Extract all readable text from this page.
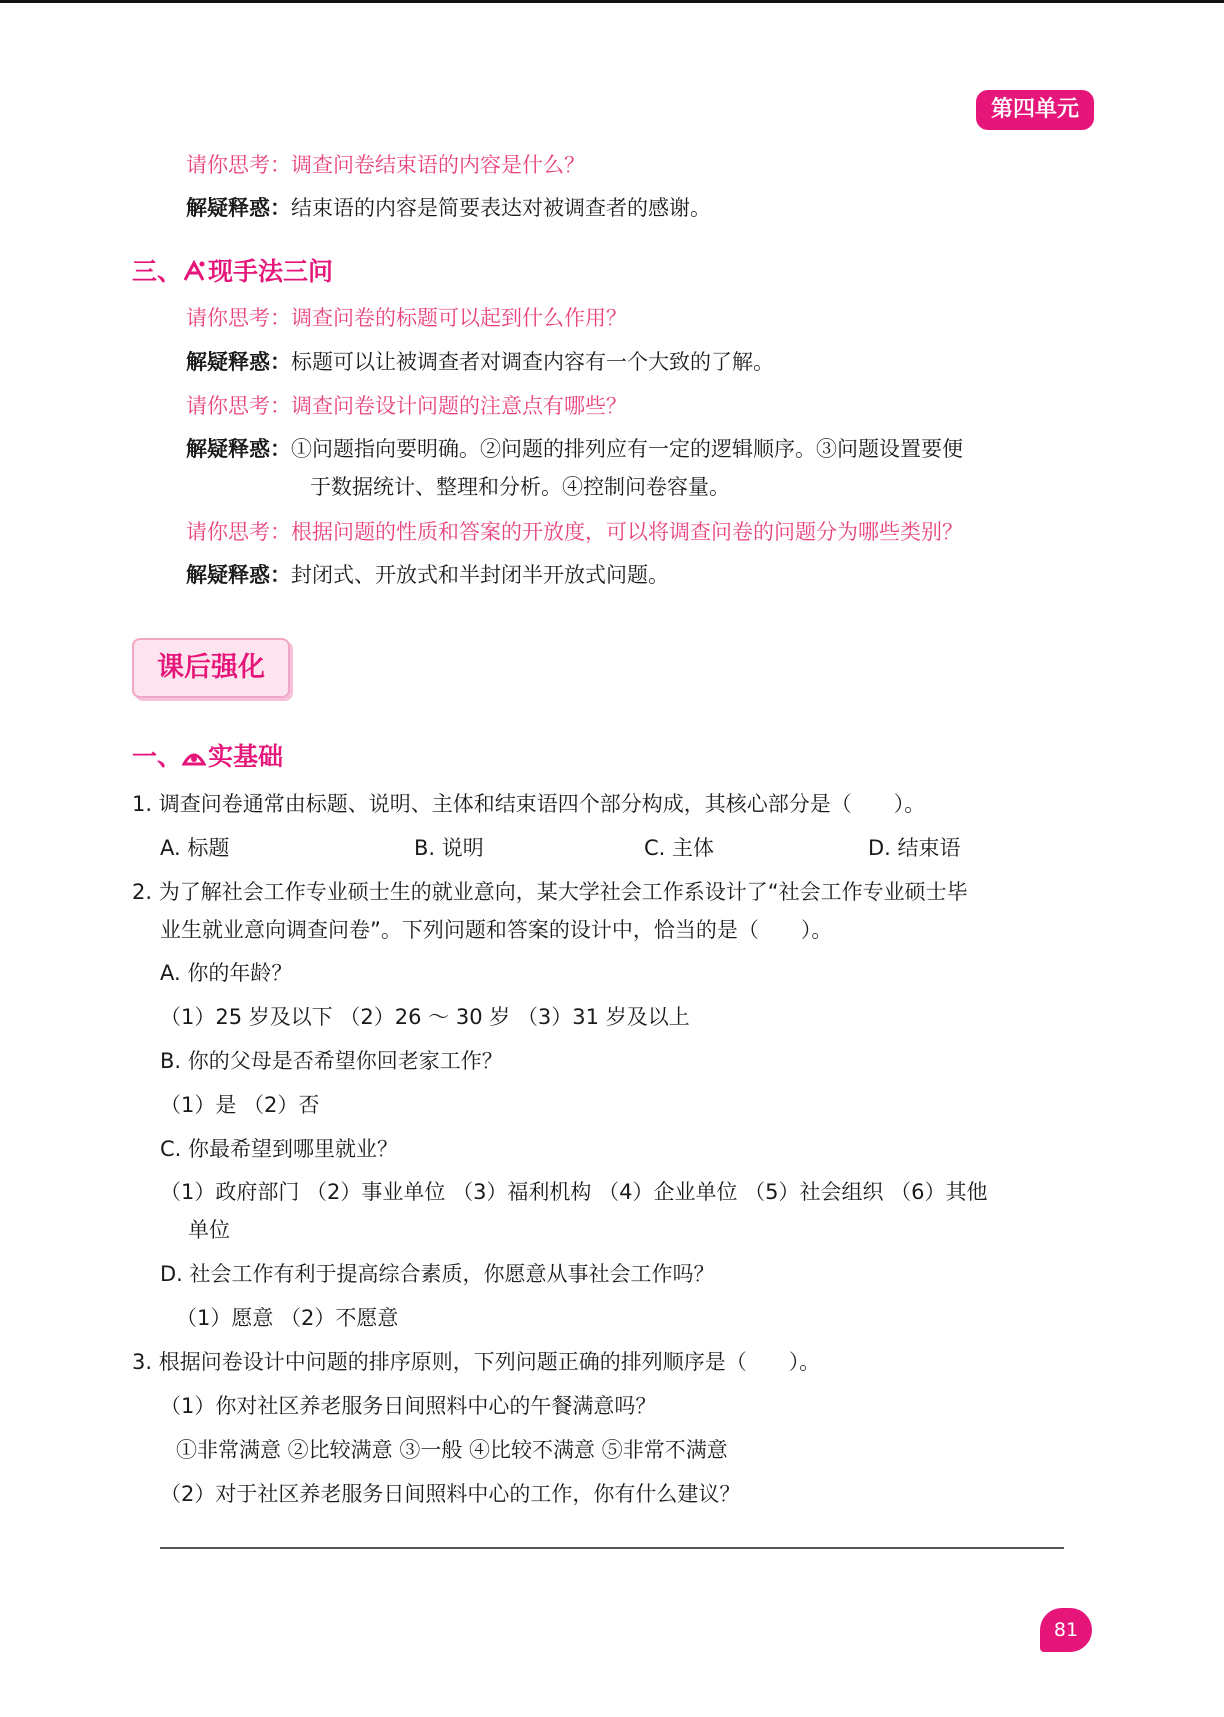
第四单元
请你思考：调查问卷结束语的内容是什么？
解疑释惑：结束语的内容是简要表达对被调查者的感谢。
三、 现手法三问
请你思考：调查问卷的标题可以起到什么作用？
解疑释惑：标题可以让被调查者对调查内容有一个大致的了解。
请你思考：调查问卷设计问题的注意点有哪些？
解疑释惑：①问题指向要明确。②问题的排列应有一定的逻辑顺序。③问题设置要便
于数据统计、整理和分析。④控制问卷容量。
请你思考：根据问题的性质和答案的开放度，可以将调查问卷的问题分为哪些类别？
解疑释惑：封闭式、开放式和半封闭半开放式问题。
课后强化
一、 实基础
1. 调查问卷通常由标题、说明、主体和结束语四个部分构成，其核心部分是（　　）。
A. 标题	B. 说明	C. 主体	D. 结束语
2. 为了解社会工作专业硕士生的就业意向，某大学社会工作系设计了“社会工作专业硕士毕
业生就业意向调查问卷”。下列问题和答案的设计中，恰当的是（　　）。
A. 你的年龄？
（1）25 岁及以下 （2）26 ～ 30 岁 （3）31 岁及以上
B. 你的父母是否希望你回老家工作？
（1）是 （2）否
C. 你最希望到哪里就业？
（1）政府部门 （2）事业单位 （3）福利机构 （4）企业单位 （5）社会组织 （6）其他
单位
D. 社会工作有利于提高综合素质，你愿意从事社会工作吗？
（1）愿意 （2）不愿意
3. 根据问卷设计中问题的排序原则，下列问题正确的排列顺序是（　　）。
（1）你对社区养老服务日间照料中心的午餐满意吗？
①非常满意 ②比较满意 ③一般 ④比较不满意 ⑤非常不满意
（2）对于社区养老服务日间照料中心的工作，你有什么建议？
81
